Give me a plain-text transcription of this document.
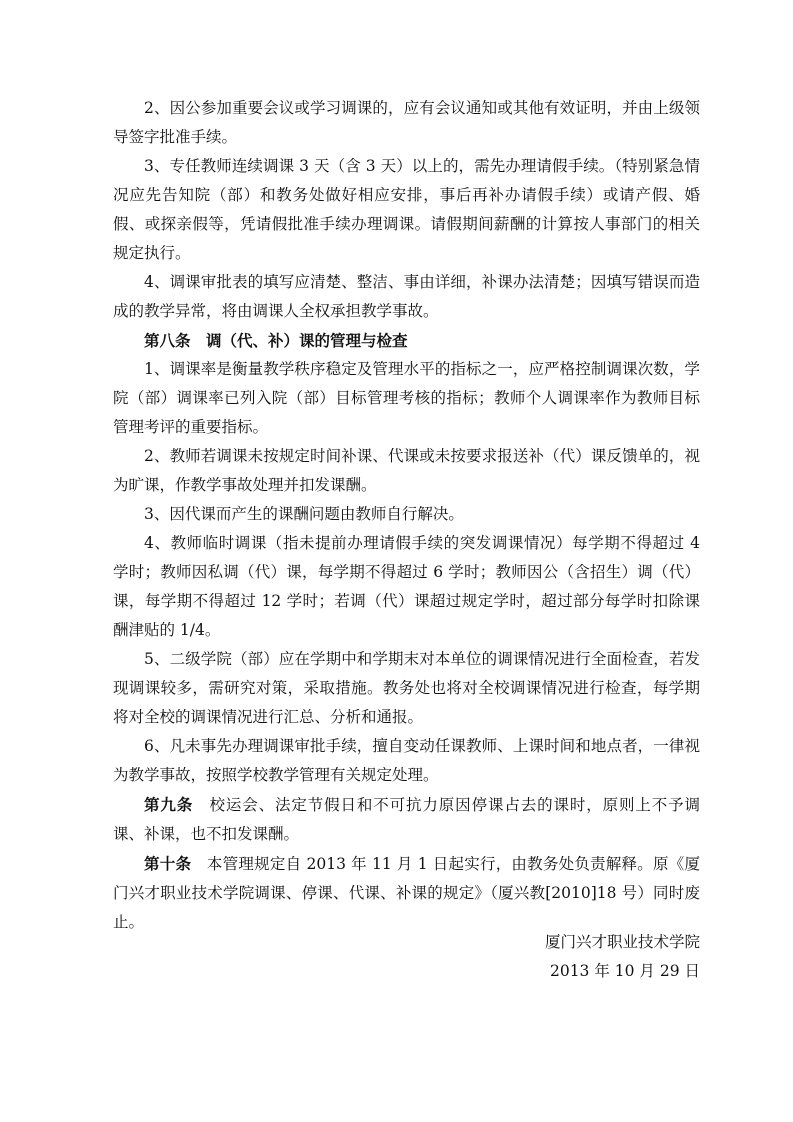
2、因公参加重要会议或学习调课的，应有会议通知或其他有效证明，并由上级领导签字批准手续。

3、专任教师连续调课 3 天（含 3 天）以上的，需先办理请假手续。（特别紧急情况应先告知院（部）和教务处做好相应安排，事后再补办请假手续）或请产假、婚假、或探亲假等，凭请假批准手续办理调课。请假期间薪酬的计算按人事部门的相关规定执行。

4、调课审批表的填写应清楚、整洁、事由详细，补课办法清楚；因填写错误而造成的教学异常，将由调课人全权承担教学事故。

第八条　调（代、补）课的管理与检查

1、调课率是衡量教学秩序稳定及管理水平的指标之一，应严格控制调课次数，学院（部）调课率已列入院（部）目标管理考核的指标；教师个人调课率作为教师目标管理考评的重要指标。

2、教师若调课未按规定时间补课、代课或未按要求报送补（代）课反馈单的，视为旷课，作教学事故处理并扣发课酬。

3、因代课而产生的课酬问题由教师自行解决。

4、教师临时调课（指未提前办理请假手续的突发调课情况）每学期不得超过 4 学时；教师因私调（代）课，每学期不得超过 6 学时；教师因公（含招生）调（代）课，每学期不得超过 12 学时；若调（代）课超过规定学时，超过部分每学时扣除课酬津贴的 1/4。

5、二级学院（部）应在学期中和学期末对本单位的调课情况进行全面检查，若发现调课较多，需研究对策，采取措施。教务处也将对全校调课情况进行检查，每学期将对全校的调课情况进行汇总、分析和通报。

6、凡未事先办理调课审批手续，擅自变动任课教师、上课时间和地点者，一律视为教学事故，按照学校教学管理有关规定处理。

第九条　校运会、法定节假日和不可抗力原因停课占去的课时，原则上不予调课、补课，也不扣发课酬。

第十条　本管理规定自 2013 年 11 月 1 日起实行，由教务处负责解释。原《厦门兴才职业技术学院调课、停课、代课、补课的规定》（厦兴教[2010]18 号）同时废止。

厦门兴才职业技术学院
2013 年 10 月 29 日
